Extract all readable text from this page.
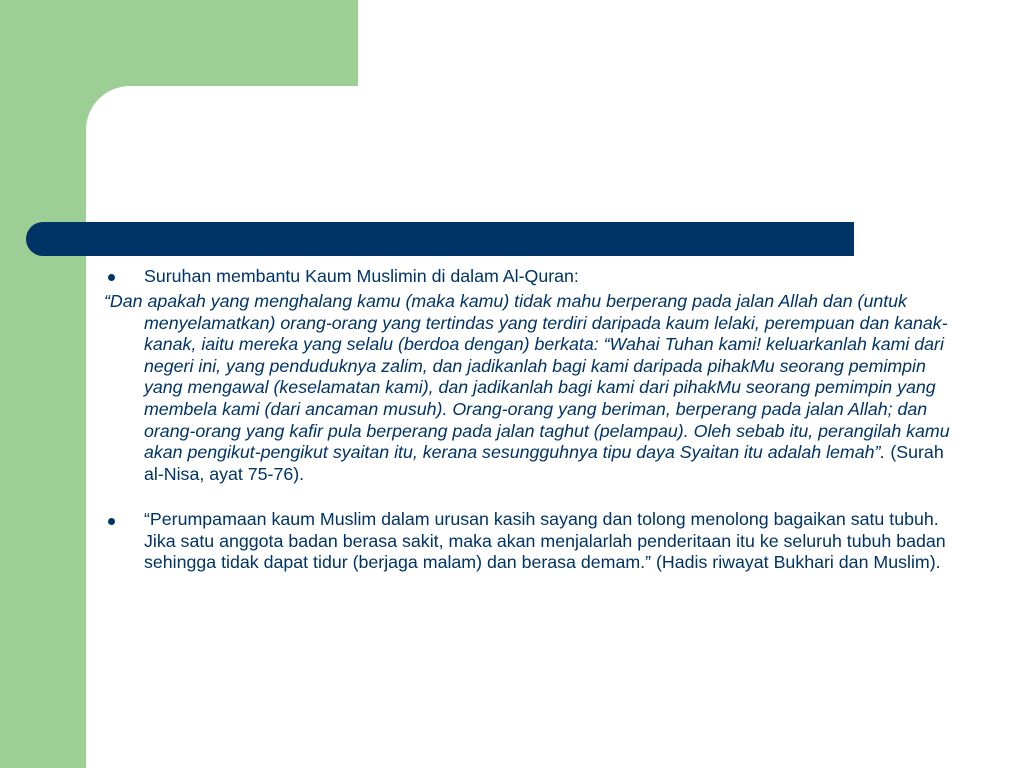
Suruhan membantu Kaum Muslimin di dalam Al-Quran:
“Dan apakah yang menghalang kamu (maka kamu) tidak mahu berperang pada jalan Allah dan (untuk menyelamatkan) orang-orang yang tertindas yang terdiri daripada kaum lelaki, perempuan dan kanak-kanak, iaitu mereka yang selalu (berdoa dengan) berkata: “Wahai Tuhan kami! keluarkanlah kami dari negeri ini, yang penduduknya zalim, dan jadikanlah bagi kami daripada pihakMu seorang pemimpin yang mengawal (keselamatan kami), dan jadikanlah bagi kami dari pihakMu seorang pemimpin yang membela kami (dari ancaman musuh). Orang-orang yang beriman, berperang pada jalan Allah; dan orang-orang yang kafir pula berperang pada jalan taghut (pelampau). Oleh sebab itu, perangilah kamu akan pengikut-pengikut syaitan itu, kerana sesungguhnya tipu daya Syaitan itu adalah lemah”. (Surah al-Nisa, ayat 75-76).
“Perumpamaan kaum Muslim dalam urusan kasih sayang dan tolong menolong bagaikan satu tubuh. Jika satu anggota badan berasa sakit, maka akan menjalarlah penderitaan itu ke seluruh tubuh badan sehingga tidak dapat tidur (berjaga malam) dan berasa demam.” (Hadis riwayat Bukhari dan Muslim).
